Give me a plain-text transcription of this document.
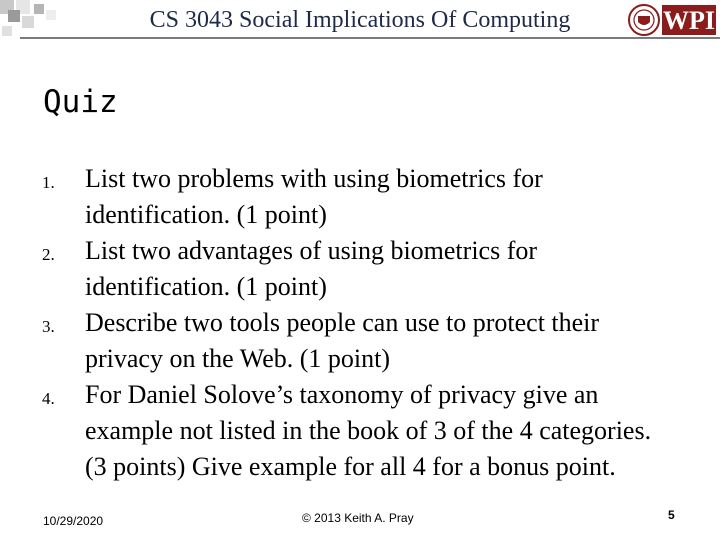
CS 3043 Social Implications Of Computing	WPI
Quiz
1. List two problems with using biometrics for identification. (1 point)
2. List two advantages of using biometrics for identification. (1 point)
3. Describe two tools people can use to protect their privacy on the Web. (1 point)
4. For Daniel Solove’s taxonomy of privacy give an example not listed in the book of 3 of the 4 categories. (3 points) Give example for all 4 for a bonus point.
10/29/2020	© 2013 Keith A. Pray	5
